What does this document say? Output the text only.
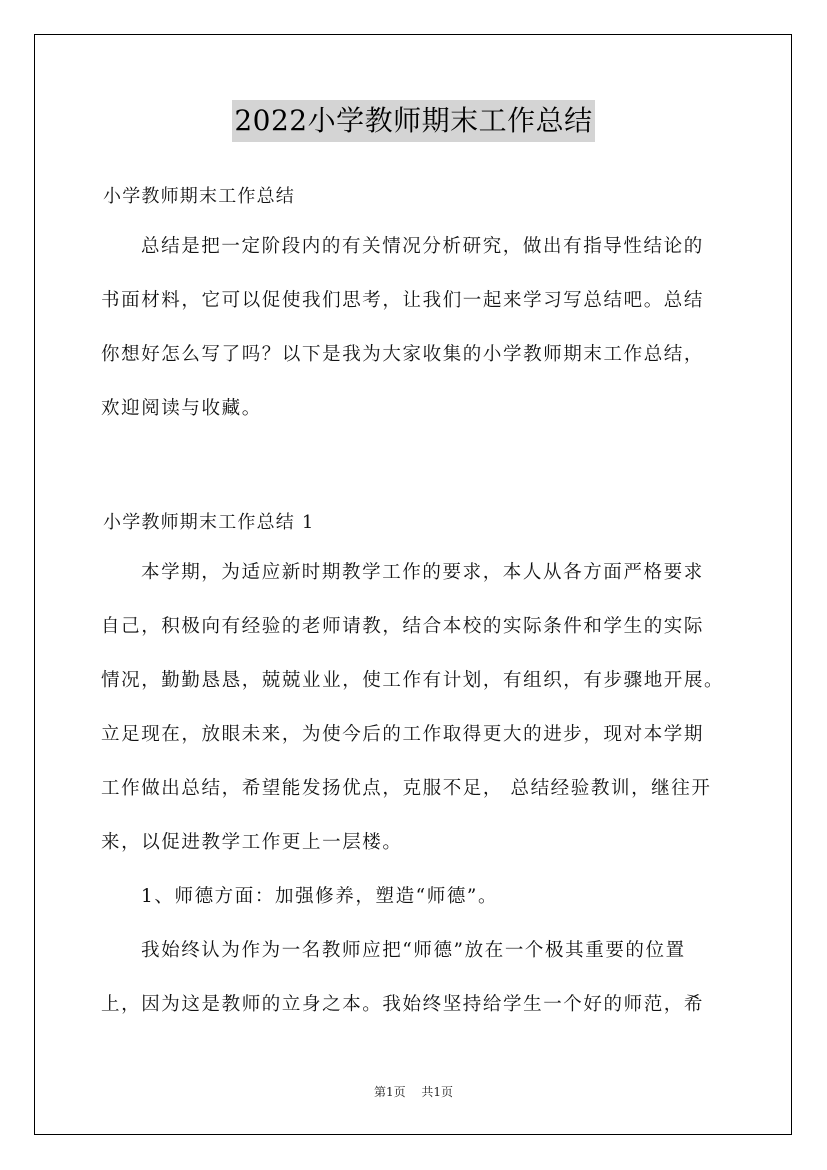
2022小学教师期末工作总结
小学教师期末工作总结
总结是把一定阶段内的有关情况分析研究，做出有指导性结论的
书面材料，它可以促使我们思考，让我们一起来学习写总结吧。总结
你想好怎么写了吗？以下是我为大家收集的小学教师期末工作总结，
欢迎阅读与收藏。
小学教师期末工作总结 1
本学期，为适应新时期教学工作的要求，本人从各方面严格要求
自己，积极向有经验的老师请教，结合本校的实际条件和学生的实际
情况，勤勤恳恳，兢兢业业，使工作有计划，有组织，有步骤地开展。
立足现在，放眼未来，为使今后的工作取得更大的进步，现对本学期
工作做出总结，希望能发扬优点，克服不足， 总结经验教训，继往开
来，以促进教学工作更上一层楼。
1、师德方面：加强修养，塑造“师德”。
我始终认为作为一名教师应把“师德”放在一个极其重要的位置
上，因为这是教师的立身之本。我始终坚持给学生一个好的师范，希
第1页 共1页
